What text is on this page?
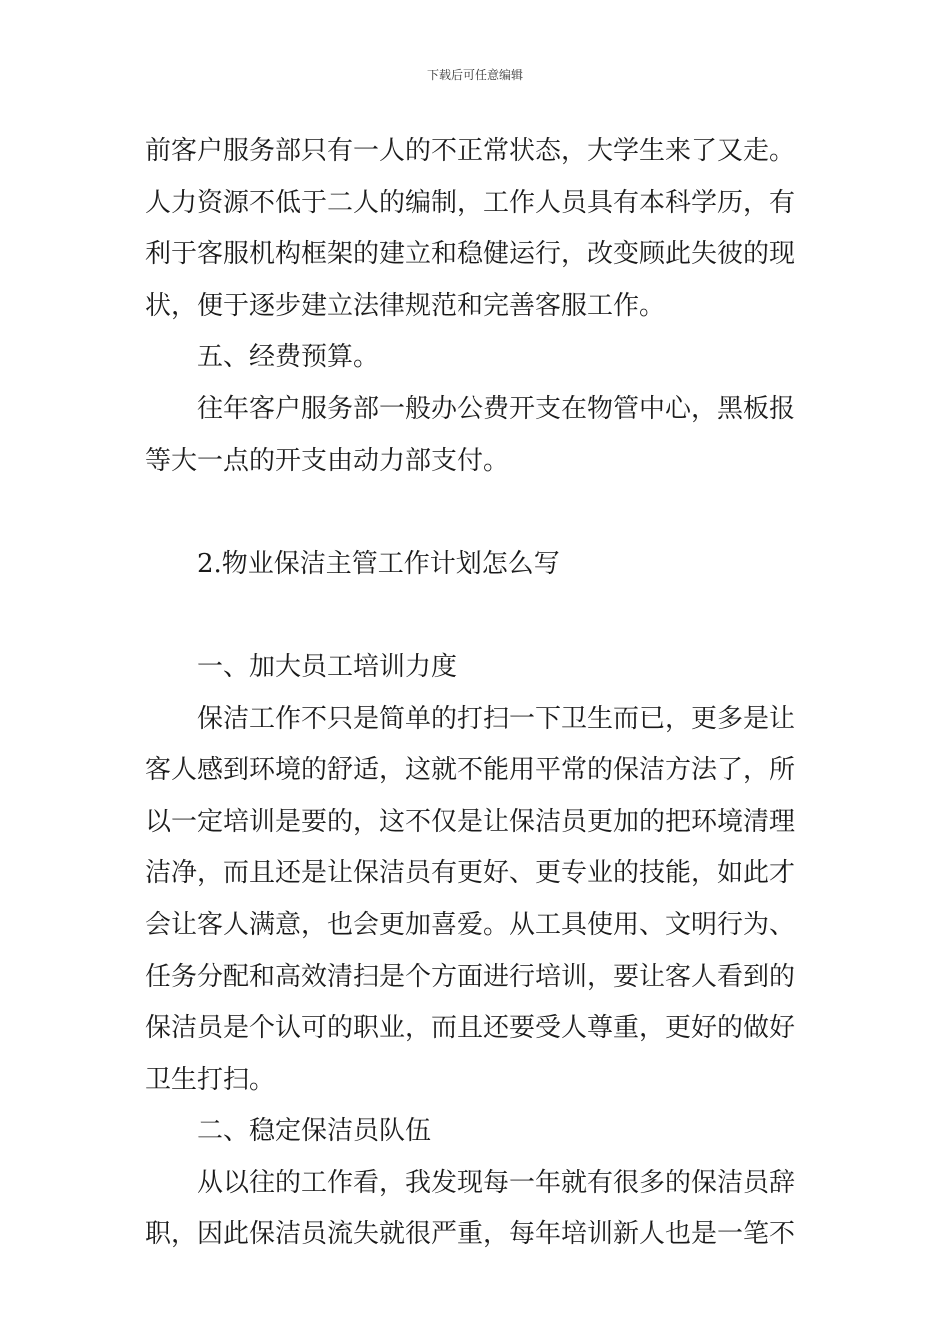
下载后可任意编辑
前客户服务部只有一人的不正常状态，大学生来了又走。
人力资源不低于二人的编制，工作人员具有本科学历，有
利于客服机构框架的建立和稳健运行，改变顾此失彼的现
状，便于逐步建立法律规范和完善客服工作。
五、经费预算。
往年客户服务部一般办公费开支在物管中心，黑板报
等大一点的开支由动力部支付。
2.物业保洁主管工作计划怎么写
一、加大员工培训力度
保洁工作不只是简单的打扫一下卫生而已，更多是让
客人感到环境的舒适，这就不能用平常的保洁方法了，所
以一定培训是要的，这不仅是让保洁员更加的把环境清理
洁净，而且还是让保洁员有更好、更专业的技能，如此才
会让客人满意，也会更加喜爱。从工具使用、文明行为、
任务分配和高效清扫是个方面进行培训，要让客人看到的
保洁员是个认可的职业，而且还要受人尊重，更好的做好
卫生打扫。
二、稳定保洁员队伍
从以往的工作看，我发现每一年就有很多的保洁员辞
职，因此保洁员流失就很严重，每年培训新人也是一笔不
